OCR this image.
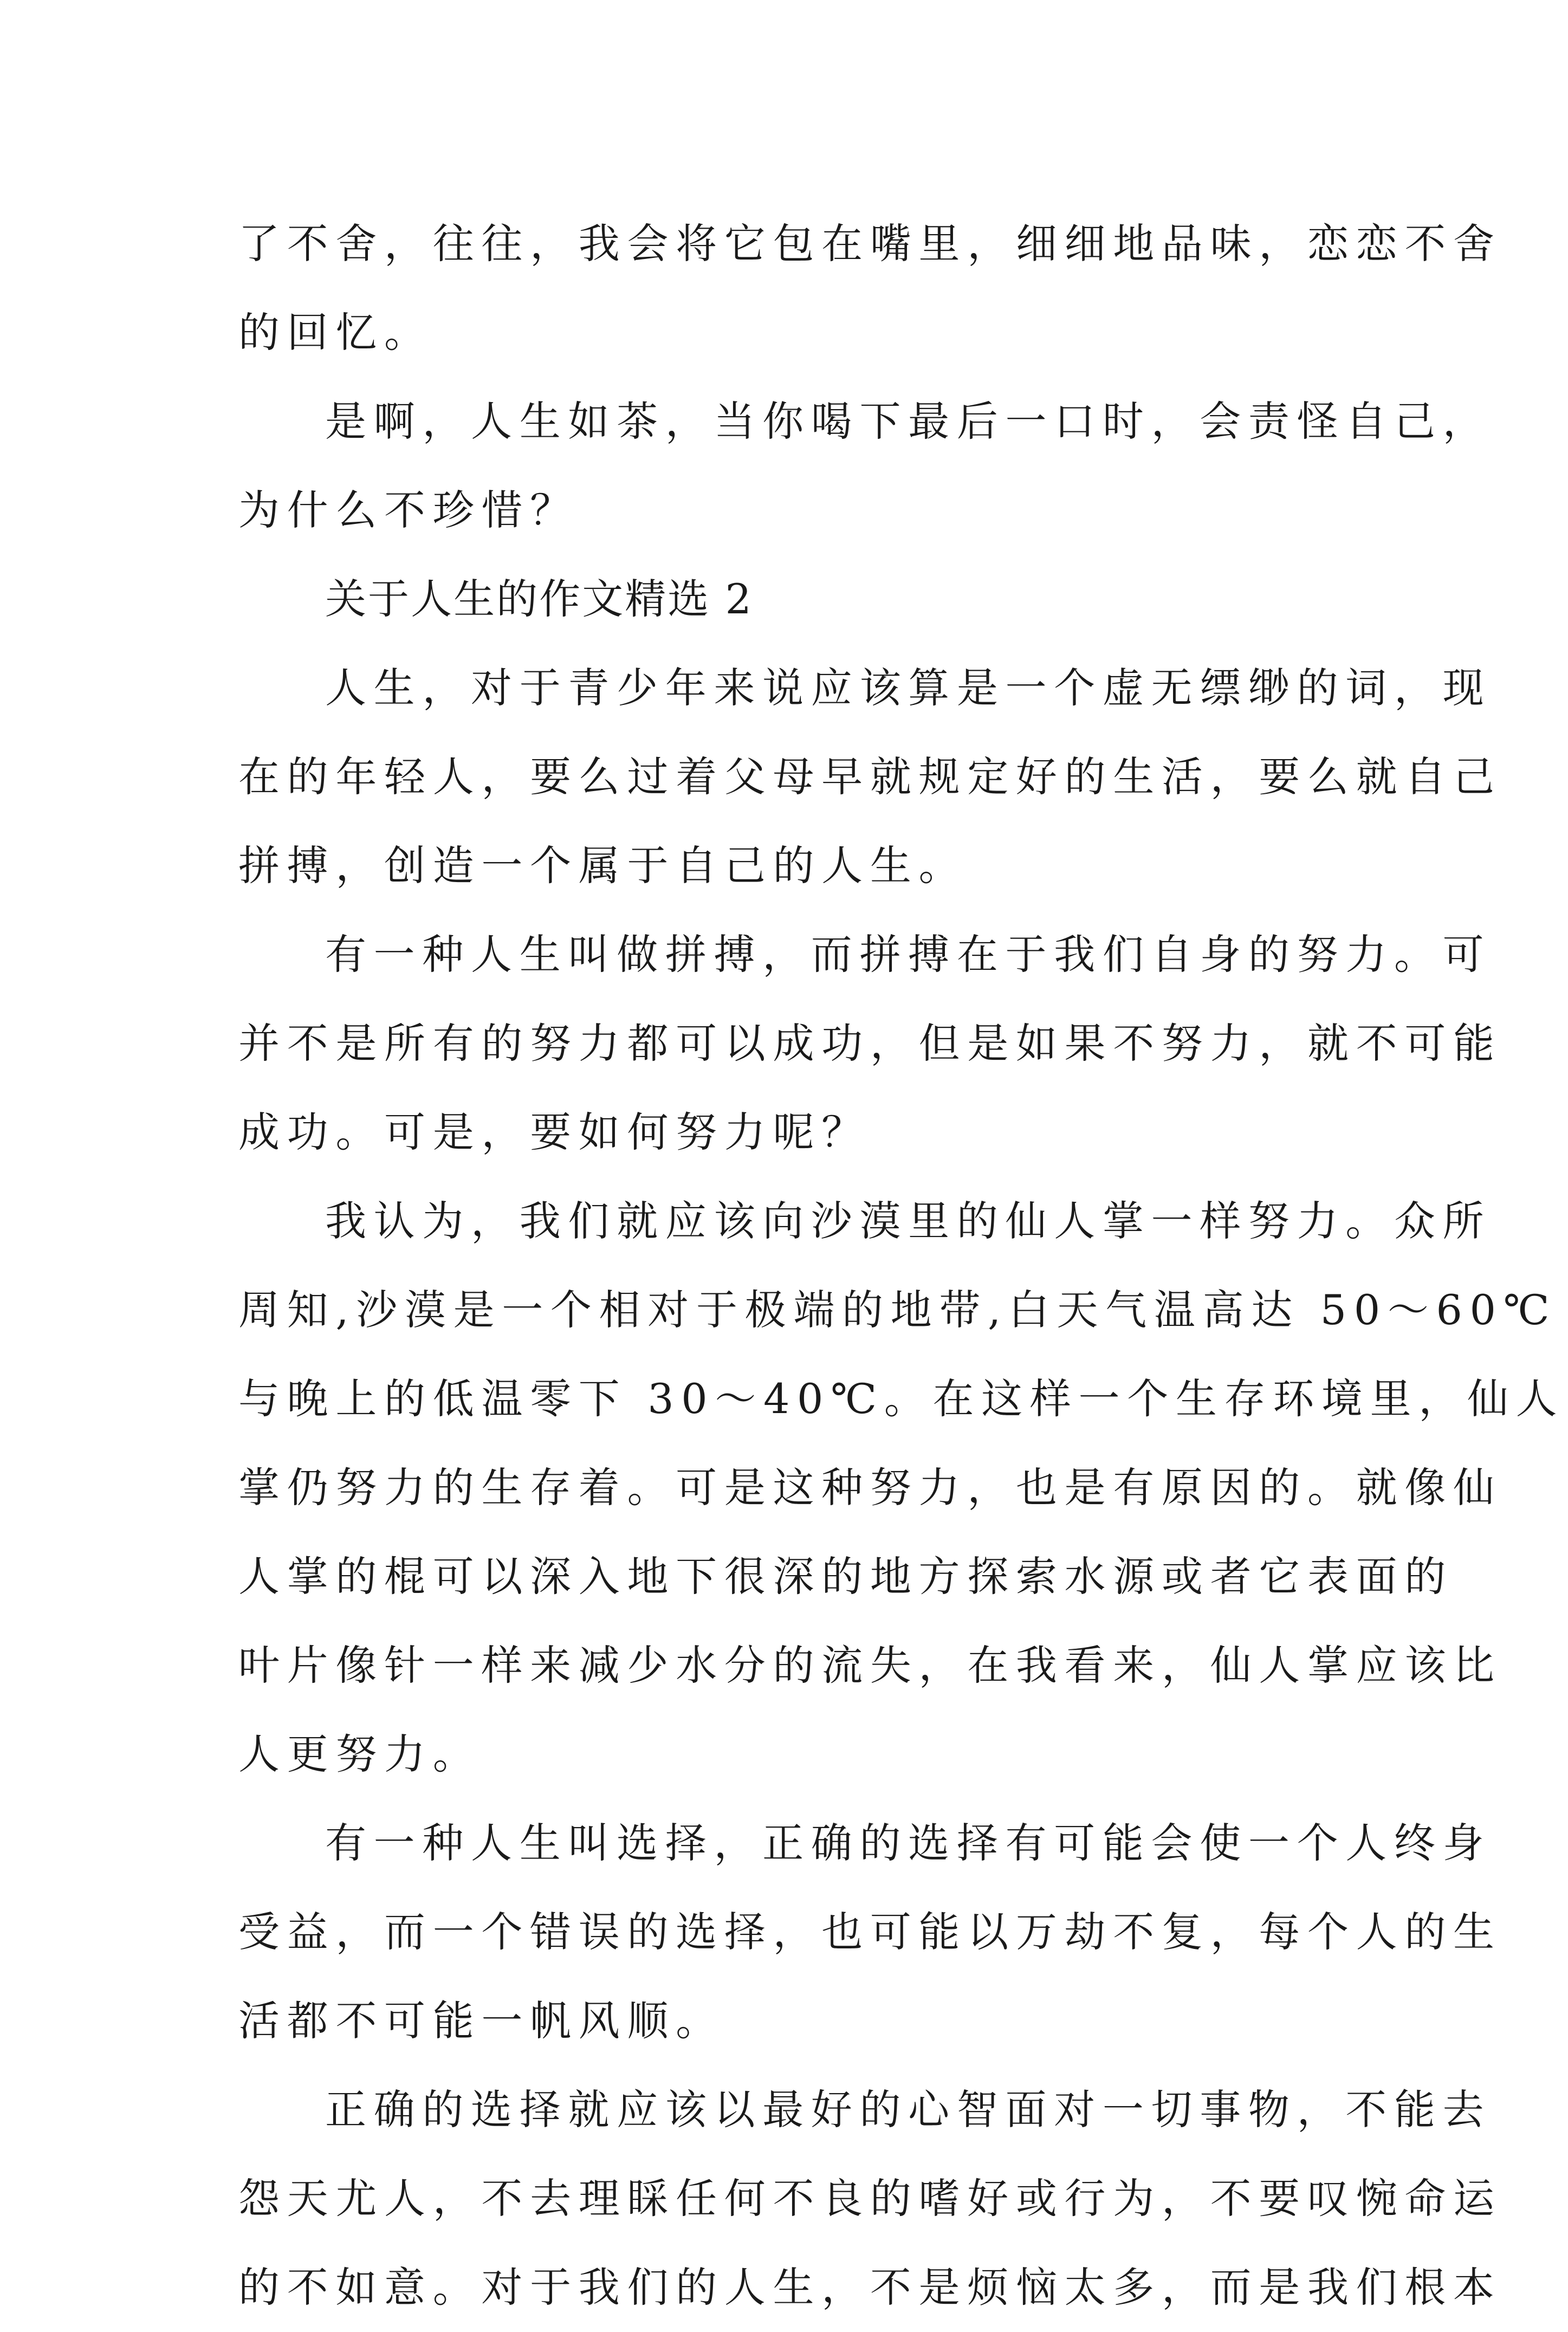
了不舍，往往，我会将它包在嘴里，细细地品味，恋恋不舍
的回忆。
是啊，人生如茶，当你喝下最后一口时，会责怪自己，
为什么不珍惜？
关于人生的作文精选 2
人生，对于青少年来说应该算是一个虚无缥缈的词，现
在的年轻人，要么过着父母早就规定好的生活，要么就自己
拼搏，创造一个属于自己的人生。
有一种人生叫做拼搏，而拼搏在于我们自身的努力。可
并不是所有的努力都可以成功，但是如果不努力，就不可能
成功。可是，要如何努力呢？
我认为，我们就应该向沙漠里的仙人掌一样努力。众所
周知,沙漠是一个相对于极端的地带,白天气温高达 50～60℃
与晚上的低温零下 30～40℃。在这样一个生存环境里，仙人
掌仍努力的生存着。可是这种努力，也是有原因的。就像仙
人掌的棍可以深入地下很深的地方探索水源或者它表面的
叶片像针一样来减少水分的流失，在我看来，仙人掌应该比
人更努力。
有一种人生叫选择，正确的选择有可能会使一个人终身
受益，而一个错误的选择，也可能以万劫不复，每个人的生
活都不可能一帆风顺。
正确的选择就应该以最好的心智面对一切事物，不能去
怨天尤人，不去理睬任何不良的嗜好或行为，不要叹惋命运
的不如意。对于我们的人生，不是烦恼太多，而是我们根本
